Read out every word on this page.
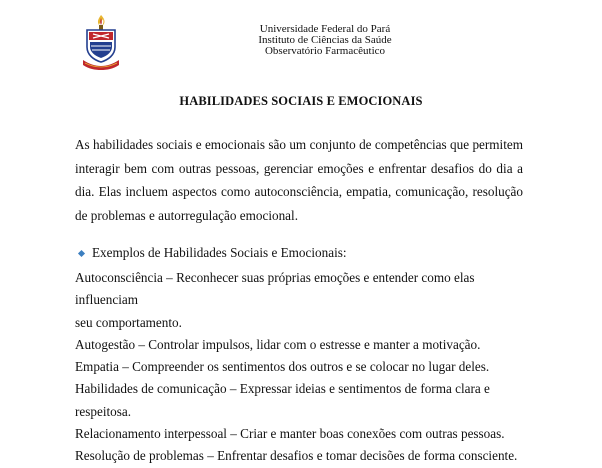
Universidade Federal do Pará
Instituto de Ciências da Saúde
Observatório Farmacêutico
HABILIDADES SOCIAIS E EMOCIONAIS
As habilidades sociais e emocionais são um conjunto de competências que permitem interagir bem com outras pessoas, gerenciar emoções e enfrentar desafios do dia a dia. Elas incluem aspectos como autoconsciência, empatia, comunicação, resolução de problemas e autorregulação emocional.
Exemplos de Habilidades Sociais e Emocionais:

Autoconsciência – Reconhecer suas próprias emoções e entender como elas influenciam
seu comportamento.

Autogestão – Controlar impulsos, lidar com o estresse e manter a motivação.

Empatia – Compreender os sentimentos dos outros e se colocar no lugar deles.

Habilidades de comunicação – Expressar ideias e sentimentos de forma clara e respeitosa.

Relacionamento interpessoal – Criar e manter boas conexões com outras pessoas.

Resolução de problemas – Enfrentar desafios e tomar decisões de forma consciente.
